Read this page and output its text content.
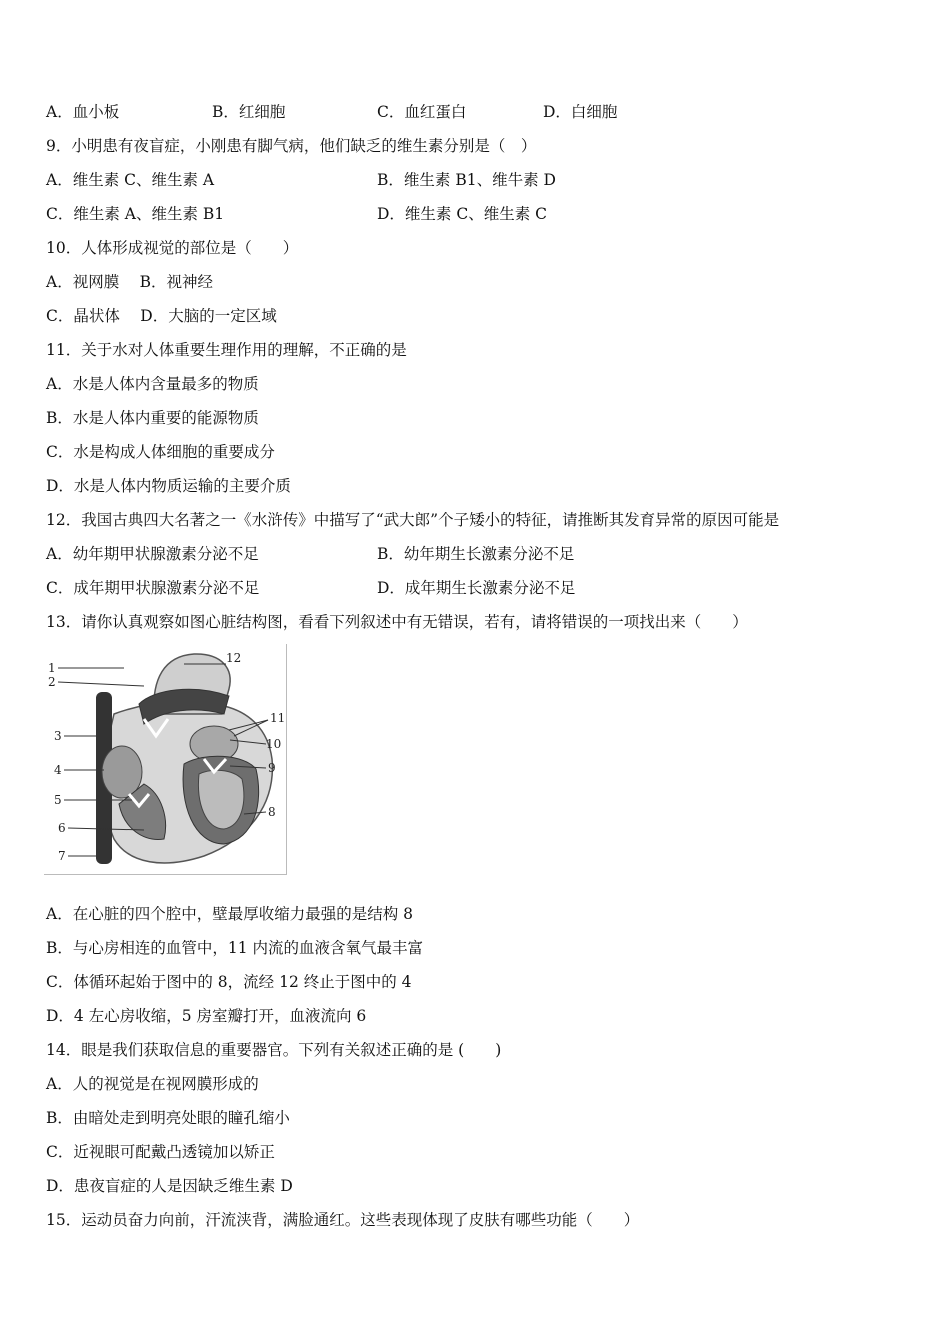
A．血小板	B．红细胞	C．血红蛋白	D．白细胞
9．小明患有夜盲症，小刚患有脚气病，他们缺乏的维生素分别是（　）
A．维生素 C、维生素 A	B．维生素 B1、维牛素 D
C．维生素 A、维生素 B1	D．维生素 C、维生素 C
10．人体形成视觉的部位是（　　）
A．视网膜　 B．视神经
C．晶状体　 D．大脑的一定区域
11．关于水对人体重要生理作用的理解，不正确的是
A．水是人体内含量最多的物质
B．水是人体内重要的能源物质
C．水是构成人体细胞的重要成分
D．水是人体内物质运输的主要介质
12．我国古典四大名著之一《水浒传》中描写了“武大郎”个子矮小的特征，请推断其发育异常的原因可能是
A．幼年期甲状腺激素分泌不足	B．幼年期生长激素分泌不足
C．成年期甲状腺激素分泌不足	D．成年期生长激素分泌不足
13．请你认真观察如图心脏结构图，看看下列叙述中有无错误，若有，请将错误的一项找出来（　　）
1
2
3
4
5
6
7
8
9
10
11
12
A．在心脏的四个腔中，壁最厚收缩力最强的是结构 8
B．与心房相连的血管中，11 内流的血液含氧气最丰富
C．体循环起始于图中的 8，流经 12 终止于图中的 4
D．4 左心房收缩，5 房室瓣打开，血液流向 6
14．眼是我们获取信息的重要器官。下列有关叙述正确的是 (　　)
A．人的视觉是在视网膜形成的
B．由暗处走到明亮处眼的瞳孔缩小
C．近视眼可配戴凸透镜加以矫正
D．患夜盲症的人是因缺乏维生素 D
15．运动员奋力向前，汗流浃背，满脸通红。这些表现体现了皮肤有哪些功能（　　）
